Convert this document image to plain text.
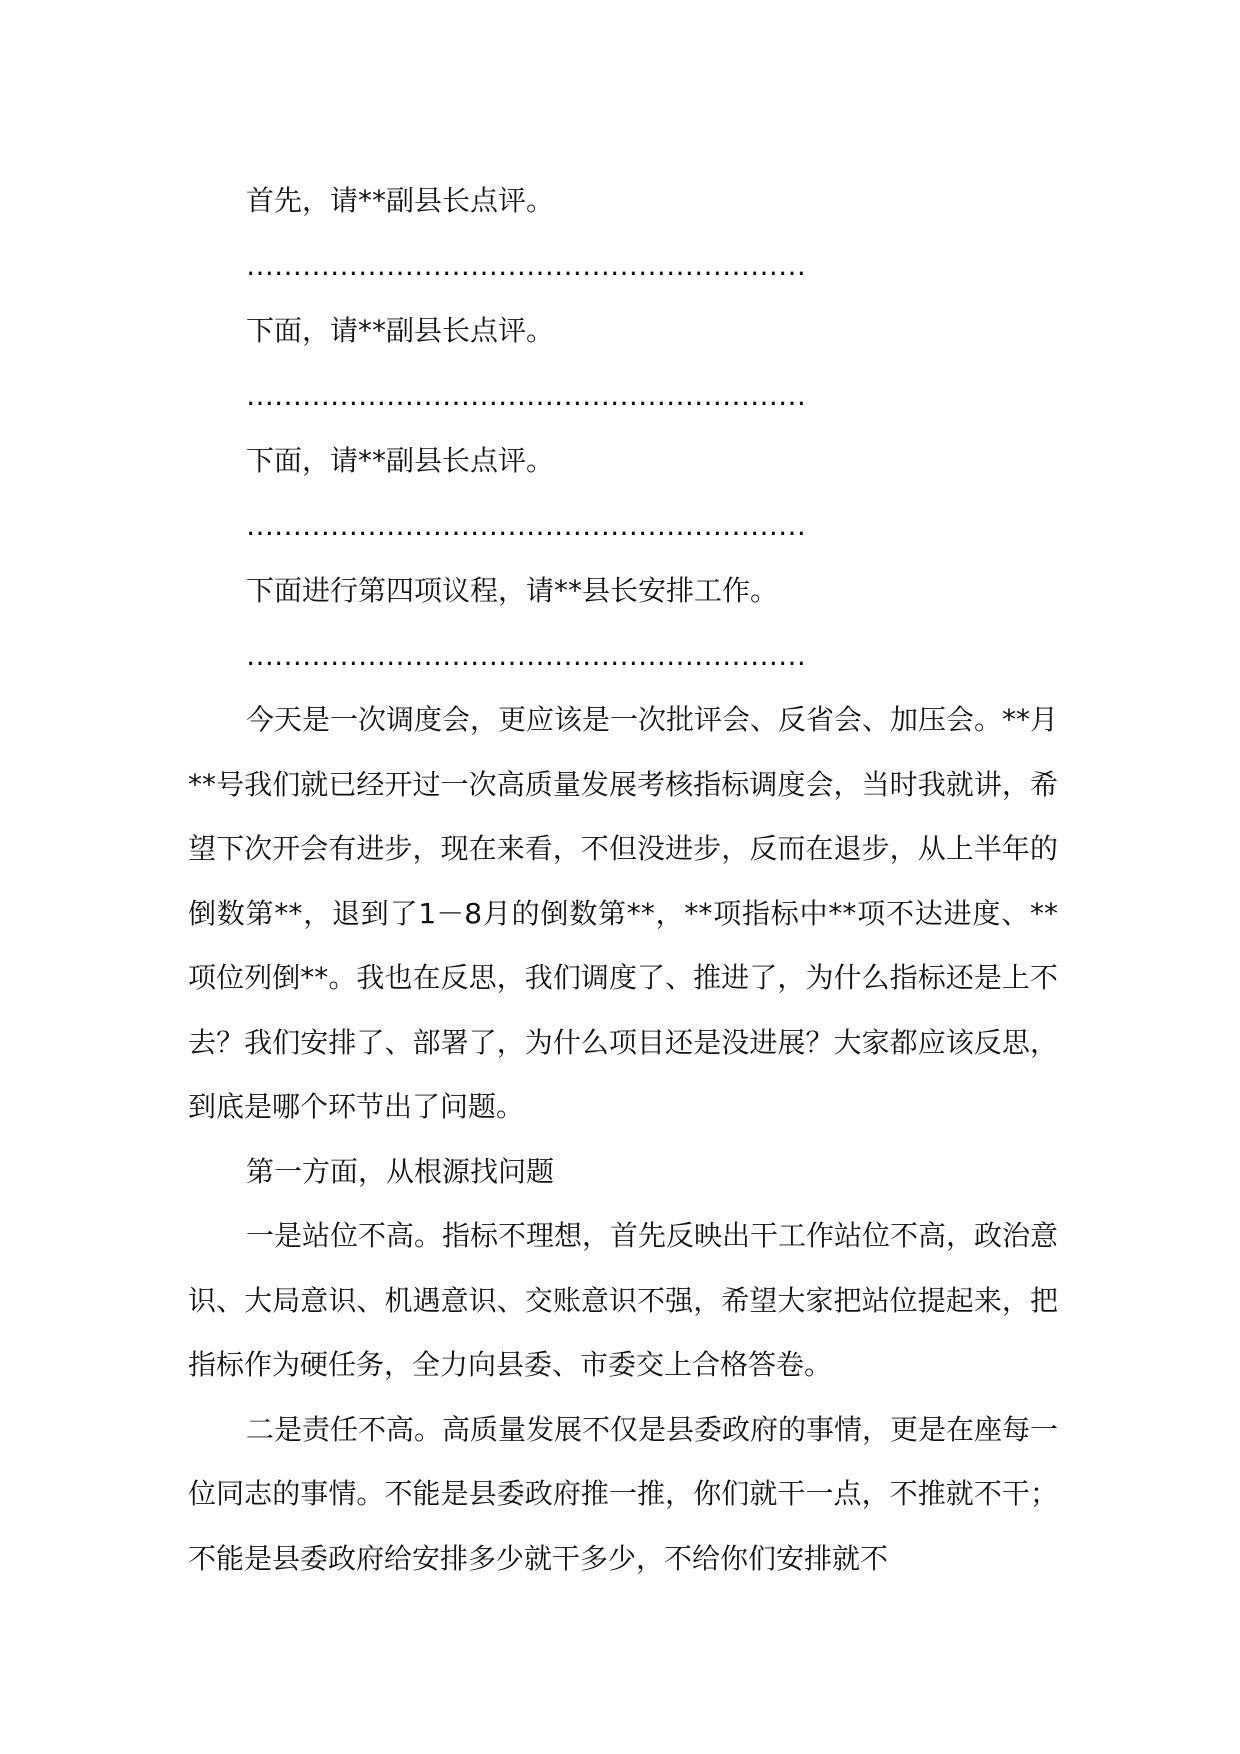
首先，请**副县长点评。

……………………………………………………

下面，请**副县长点评。

……………………………………………………

下面，请**副县长点评。

……………………………………………………

下面进行第四项议程，请**县长安排工作。

……………………………………………………

今天是一次调度会，更应该是一次批评会、反省会、加压会。**月**号我们就已经开过一次高质量发展考核指标调度会，当时我就讲，希望下次开会有进步，现在来看，不但没进步，反而在退步，从上半年的倒数第**，退到了1－8月的倒数第**，**项指标中**项不达进度、**项位列倒**。我也在反思，我们调度了、推进了，为什么指标还是上不去？我们安排了、部署了，为什么项目还是没进展？大家都应该反思，到底是哪个环节出了问题。

第一方面，从根源找问题

一是站位不高。指标不理想，首先反映出干工作站位不高，政治意识、大局意识、机遇意识、交账意识不强，希望大家把站位提起来，把指标作为硬任务，全力向县委、市委交上合格答卷。

二是责任不高。高质量发展不仅是县委政府的事情，更是在座每一位同志的事情。不能是县委政府推一推，你们就干一点，不推就不干；不能是县委政府给安排多少就干多少，不给你们安排就不
